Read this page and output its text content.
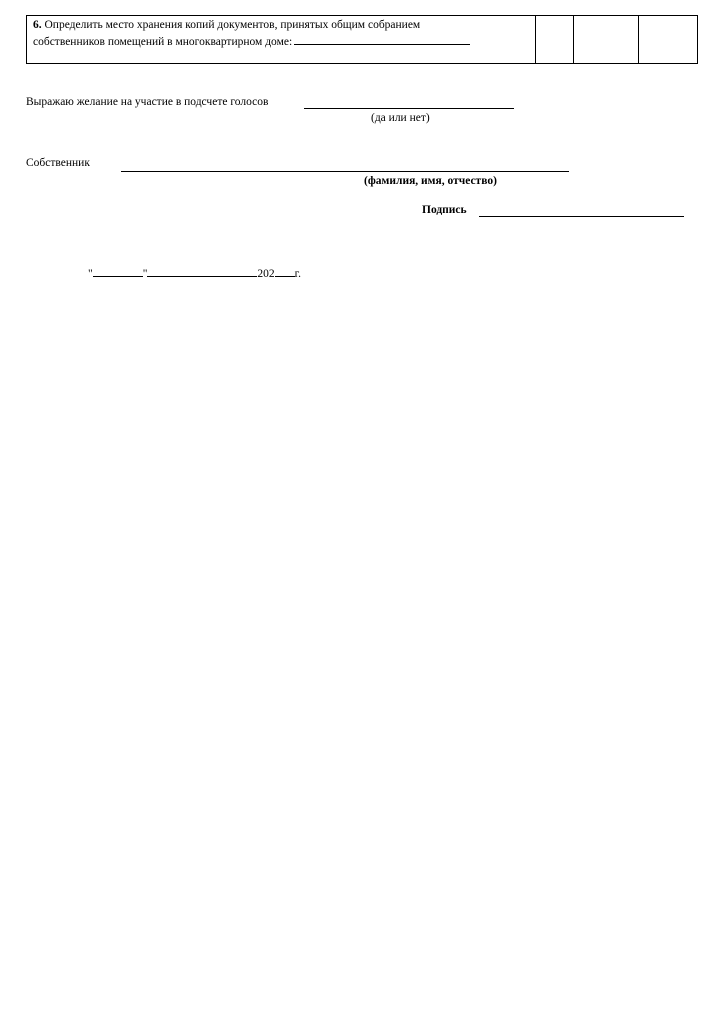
6. Определить место хранения копий документов, принятых общим собранием
собственников помещений в многоквартирном доме:
Выражаю желание на участие в подсчете голосов
(да или нет)
Собственник
(фамилия, имя, отчество)
Подпись
"	"	202 г.
